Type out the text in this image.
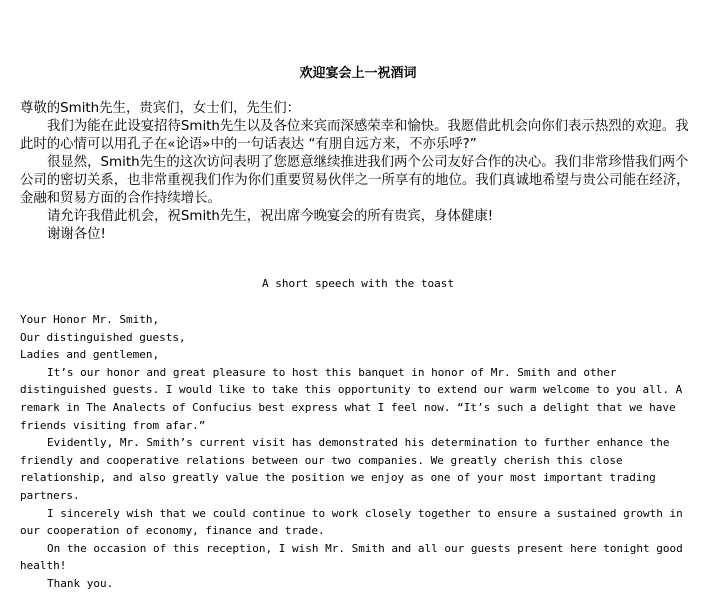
欢迎宴会上一祝酒词

尊敬的Smith先生，贵宾们，女士们，先生们：

我们为能在此设宴招待Smith先生以及各位来宾而深感荣幸和愉快。我愿借此机会向你们表示热烈的欢迎。我此时的心情可以用孔子在«论语»中的一句话表达 “有朋自远方来，不亦乐呼?”

很显然，Smith先生的这次访问表明了您愿意继续推进我们两个公司友好合作的决心。我们非常珍惜我们两个公司的密切关系，也非常重视我们作为你们重要贸易伙伴之一所享有的地位。我们真诚地希望与贵公司能在经济，金融和贸易方面的合作持续增长。

请允许我借此机会，祝Smith先生，祝出席今晚宴会的所有贵宾，身体健康!

谢谢各位!

A short speech with the toast

Your Honor Mr. Smith,

Our distinguished guests,

Ladies and gentlemen,

It’s our honor and great pleasure to host this banquet in honor of Mr. Smith and other distinguished guests. I would like to take this opportunity to extend our warm welcome to you all. A remark in The Analects of Confucius best express what I feel now. “It’s such a delight that we have friends visiting from afar.”

Evidently, Mr. Smith’s current visit has demonstrated his determination to further enhance the friendly and cooperative relations between our two companies. We greatly cherish this close relationship, and also greatly value the position we enjoy as one of your most important trading partners.

I sincerely wish that we could continue to work closely together to ensure a sustained growth in our cooperation of economy, finance and trade.

On the occasion of this reception, I wish Mr. Smith and all our guests present here tonight good health!

Thank you.
